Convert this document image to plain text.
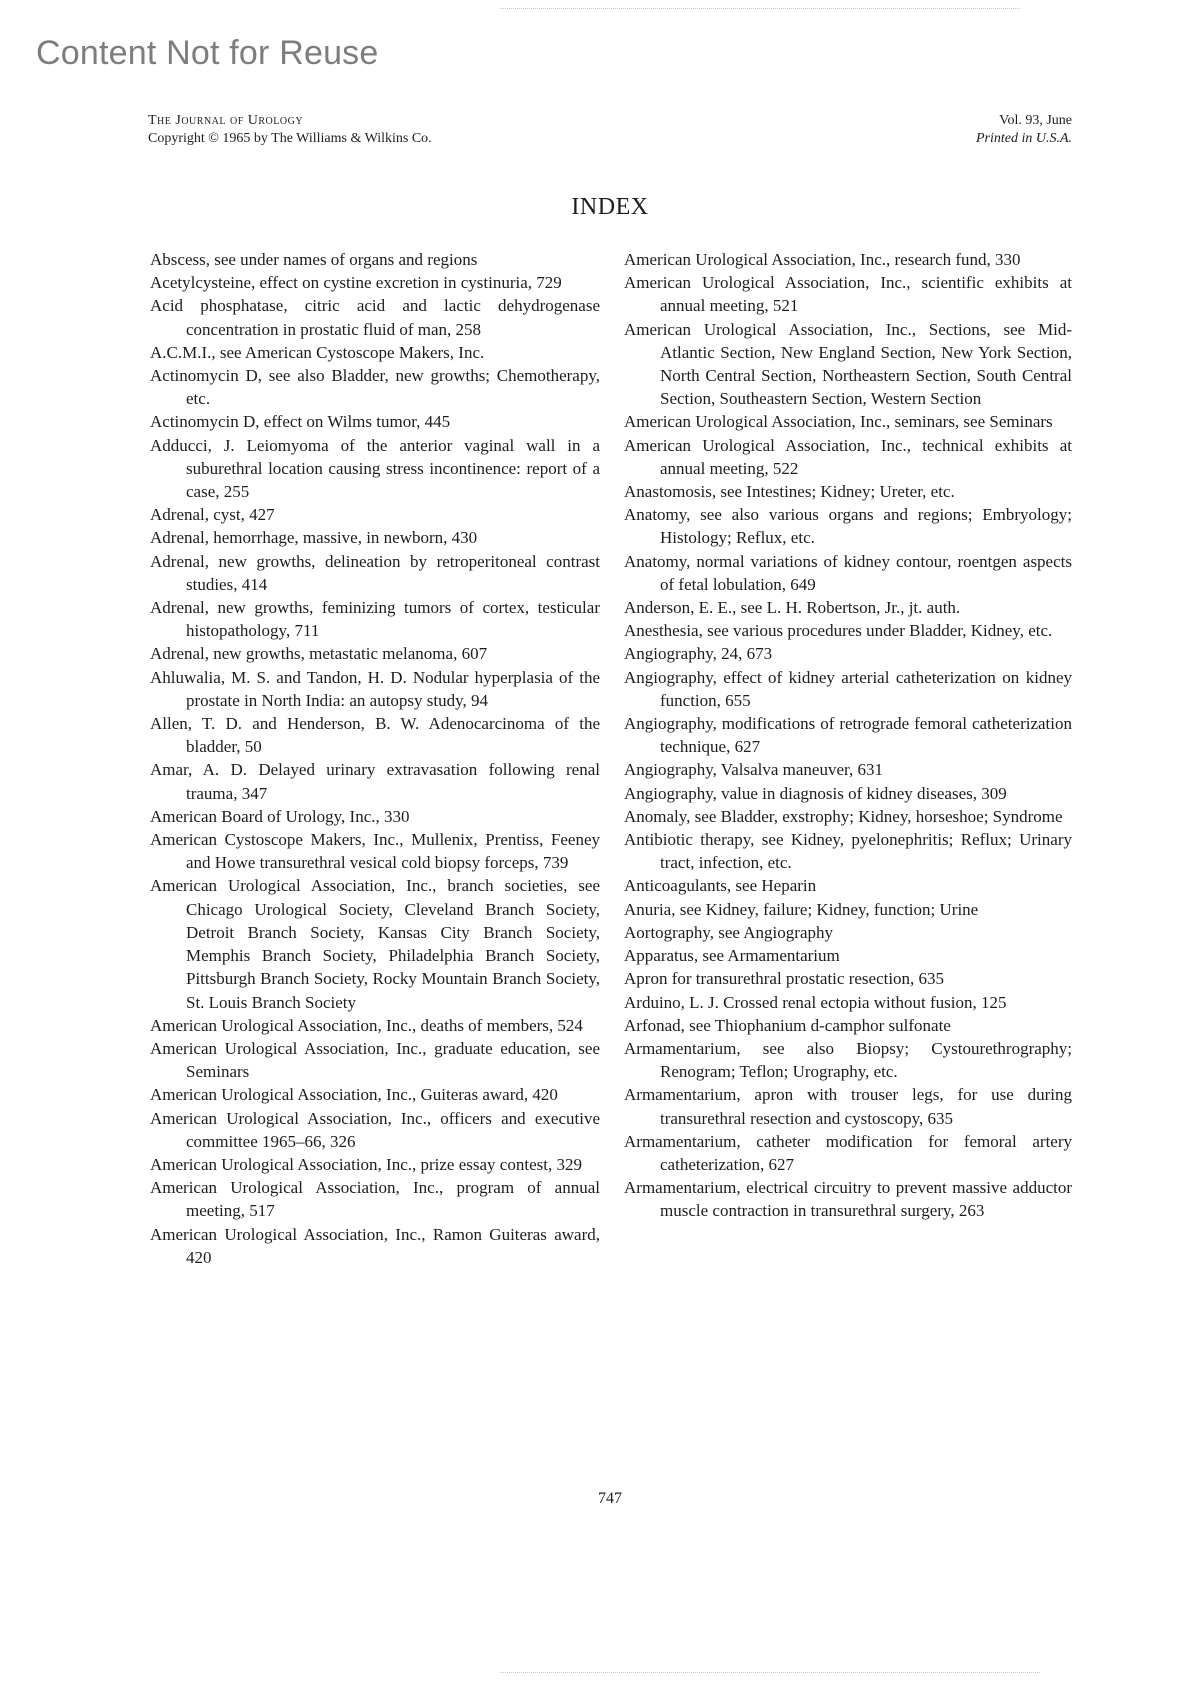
Content Not for Reuse
The Journal of Urology
Copyright © 1965 by The Williams & Wilkins Co.
Vol. 93, June
Printed in U.S.A.
INDEX

Abscess, see under names of organs and regions

Acetylcysteine, effect on cystine excretion in cystinuria, 729

Acid phosphatase, citric acid and lactic dehydrogenase concentration in prostatic fluid of man, 258

A.C.M.I., see American Cystoscope Makers, Inc.

Actinomycin D, see also Bladder, new growths; Chemotherapy, etc.

Actinomycin D, effect on Wilms tumor, 445

Adducci, J. Leiomyoma of the anterior vaginal wall in a suburethral location causing stress incontinence: report of a case, 255

Adrenal, cyst, 427

Adrenal, hemorrhage, massive, in newborn, 430

Adrenal, new growths, delineation by retroperitoneal contrast studies, 414

Adrenal, new growths, feminizing tumors of cortex, testicular histopathology, 711

Adrenal, new growths, metastatic melanoma, 607

Ahluwalia, M. S. and Tandon, H. D. Nodular hyperplasia of the prostate in North India: an autopsy study, 94

Allen, T. D. and Henderson, B. W. Adenocarcinoma of the bladder, 50

Amar, A. D. Delayed urinary extravasation following renal trauma, 347

American Board of Urology, Inc., 330

American Cystoscope Makers, Inc., Mullenix, Prentiss, Feeney and Howe transurethral vesical cold biopsy forceps, 739

American Urological Association, Inc., branch societies, see Chicago Urological Society, Cleveland Branch Society, Detroit Branch Society, Kansas City Branch Society, Memphis Branch Society, Philadelphia Branch Society, Pittsburgh Branch Society, Rocky Mountain Branch Society, St. Louis Branch Society

American Urological Association, Inc., deaths of members, 524

American Urological Association, Inc., graduate education, see Seminars

American Urological Association, Inc., Guiteras award, 420

American Urological Association, Inc., officers and executive committee 1965–66, 326

American Urological Association, Inc., prize essay contest, 329

American Urological Association, Inc., program of annual meeting, 517

American Urological Association, Inc., Ramon Guiteras award, 420

American Urological Association, Inc., research fund, 330

American Urological Association, Inc., scientific exhibits at annual meeting, 521

American Urological Association, Inc., Sections, see Mid-Atlantic Section, New England Section, New York Section, North Central Section, Northeastern Section, South Central Section, Southeastern Section, Western Section

American Urological Association, Inc., seminars, see Seminars

American Urological Association, Inc., technical exhibits at annual meeting, 522

Anastomosis, see Intestines; Kidney; Ureter, etc.

Anatomy, see also various organs and regions; Embryology; Histology; Reflux, etc.

Anatomy, normal variations of kidney contour, roentgen aspects of fetal lobulation, 649

Anderson, E. E., see L. H. Robertson, Jr., jt. auth.

Anesthesia, see various procedures under Bladder, Kidney, etc.

Angiography, 24, 673

Angiography, effect of kidney arterial catheterization on kidney function, 655

Angiography, modifications of retrograde femoral catheterization technique, 627

Angiography, Valsalva maneuver, 631

Angiography, value in diagnosis of kidney diseases, 309

Anomaly, see Bladder, exstrophy; Kidney, horseshoe; Syndrome

Antibiotic therapy, see Kidney, pyelonephritis; Reflux; Urinary tract, infection, etc.

Anticoagulants, see Heparin

Anuria, see Kidney, failure; Kidney, function; Urine

Aortography, see Angiography

Apparatus, see Armamentarium

Apron for transurethral prostatic resection, 635

Arduino, L. J. Crossed renal ectopia without fusion, 125

Arfonad, see Thiophanium d-camphor sulfonate

Armamentarium, see also Biopsy; Cystourethrography; Renogram; Teflon; Urography, etc.

Armamentarium, apron with trouser legs, for use during transurethral resection and cystoscopy, 635

Armamentarium, catheter modification for femoral artery catheterization, 627

Armamentarium, electrical circuitry to prevent massive adductor muscle contraction in transurethral surgery, 263

747
